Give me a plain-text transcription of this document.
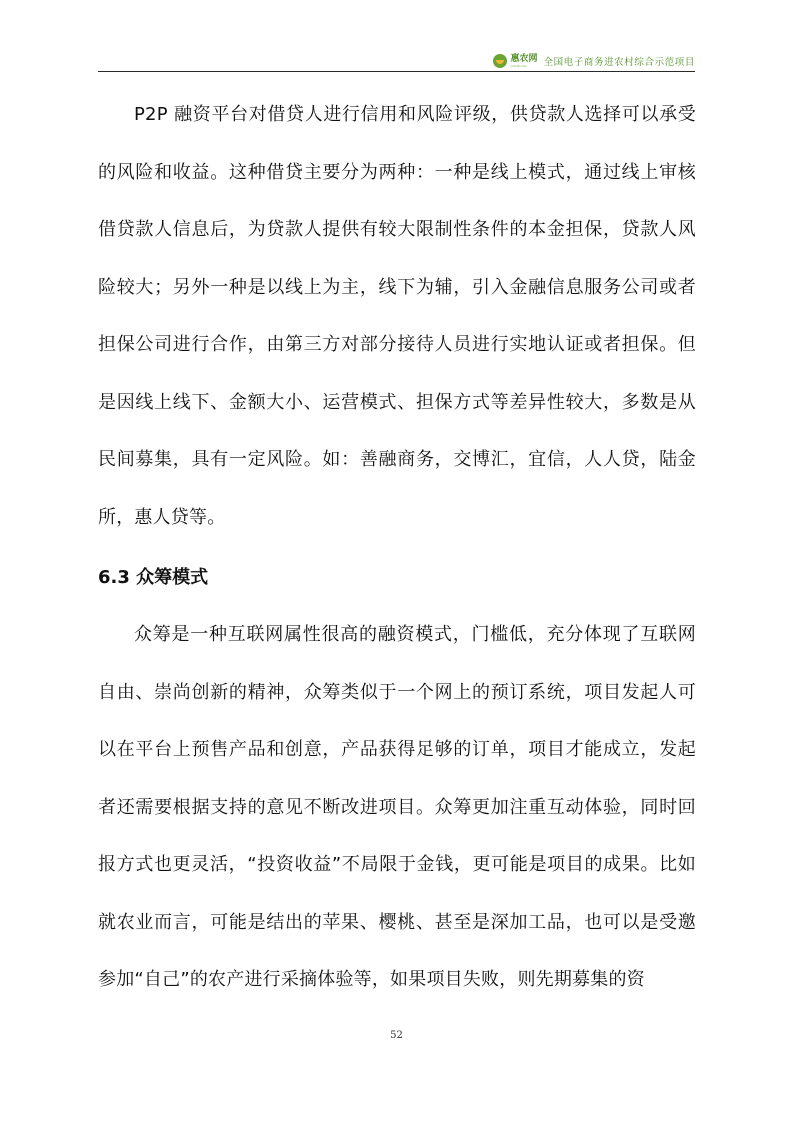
惠农网
cnhnb.com	全国电子商务进农村综合示范项目

P2P 融资平台对借贷人进行信用和风险评级，供贷款人选择可以承受的风险和收益。这种借贷主要分为两种：一种是线上模式，通过线上审核借贷款人信息后，为贷款人提供有较大限制性条件的本金担保，贷款人风险较大；另外一种是以线上为主，线下为辅，引入金融信息服务公司或者担保公司进行合作，由第三方对部分接待人员进行实地认证或者担保。但是因线上线下、金额大小、运营模式、担保方式等差异性较大，多数是从民间募集，具有一定风险。如：善融商务，交博汇，宜信，人人贷，陆金所，惠人贷等。

6.3 众筹模式

众筹是一种互联网属性很高的融资模式，门槛低，充分体现了互联网自由、崇尚创新的精神，众筹类似于一个网上的预订系统，项目发起人可以在平台上预售产品和创意，产品获得足够的订单，项目才能成立，发起者还需要根据支持的意见不断改进项目。众筹更加注重互动体验，同时回报方式也更灵活，“投资收益”不局限于金钱，更可能是项目的成果。比如就农业而言，可能是结出的苹果、樱桃、甚至是深加工品，也可以是受邀参加“自己”的农产进行采摘体验等，如果项目失败，则先期募集的资

52
